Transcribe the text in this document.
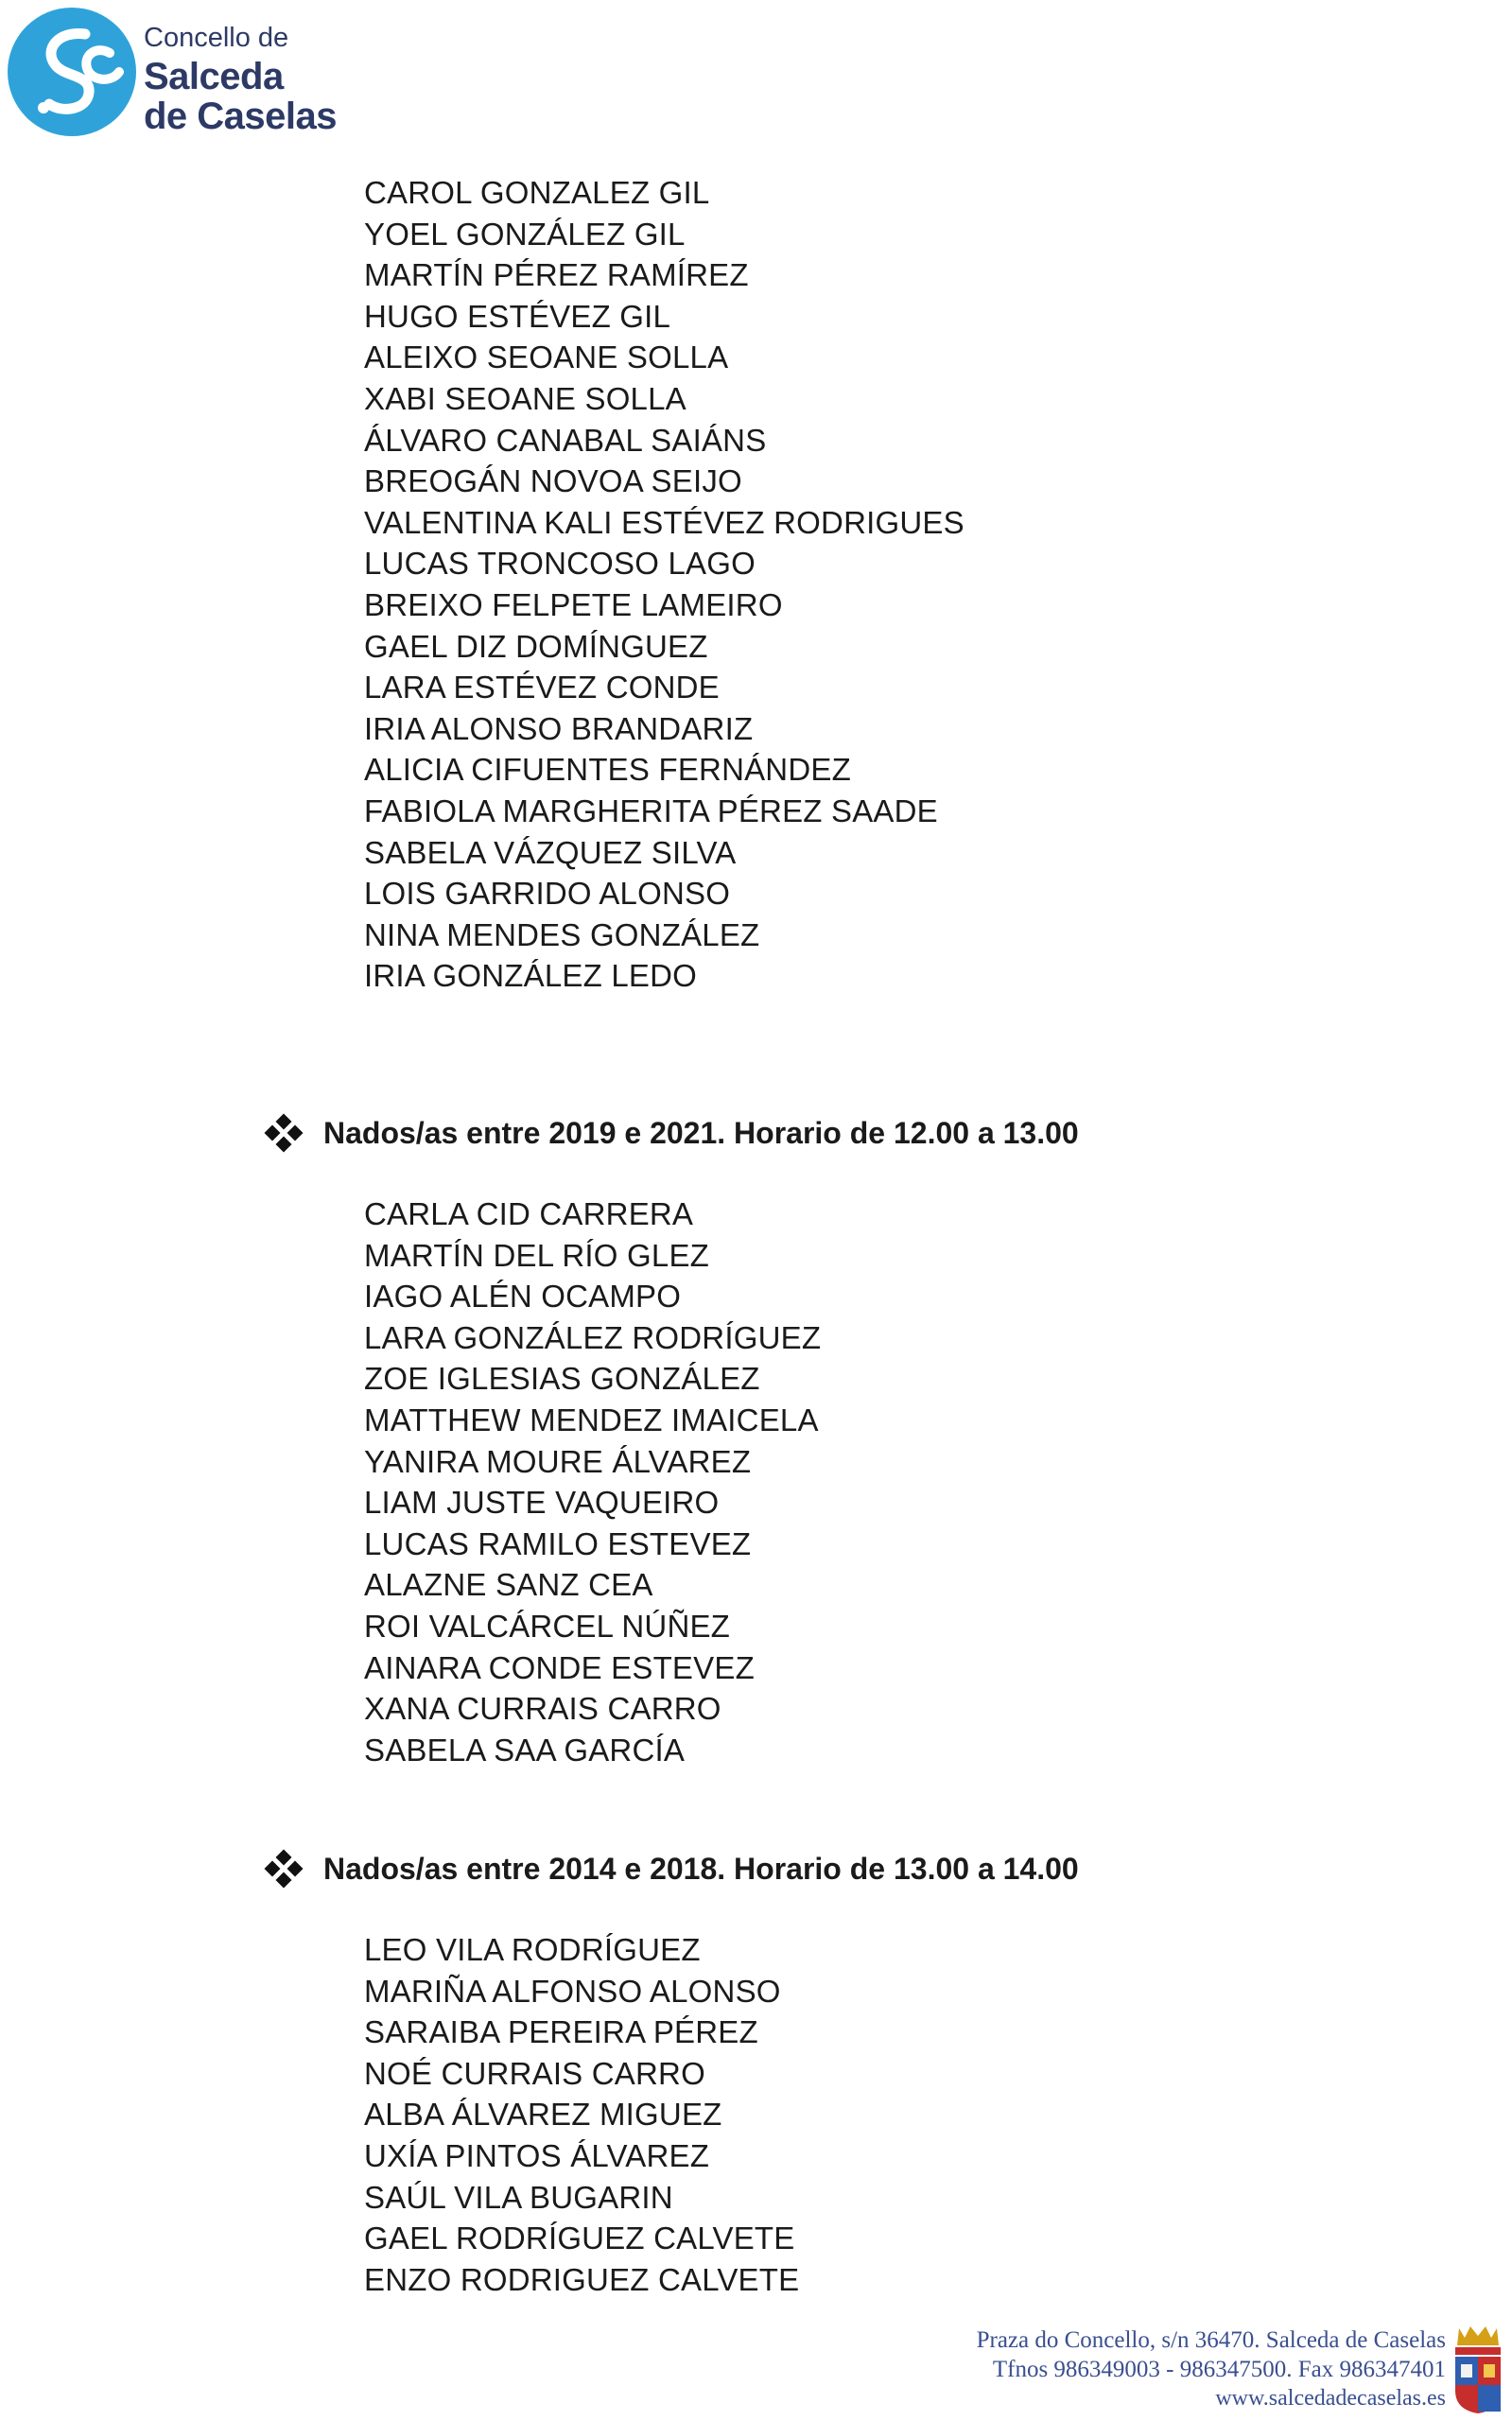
Concello de
Salceda
de Caselas
CAROL GONZALEZ GIL
YOEL GONZÁLEZ GIL
MARTÍN PÉREZ RAMÍREZ
HUGO ESTÉVEZ GIL
ALEIXO SEOANE SOLLA
XABI SEOANE SOLLA
ÁLVARO CANABAL SAIÁNS
BREOGÁN NOVOA SEIJO
VALENTINA KALI ESTÉVEZ RODRIGUES
LUCAS TRONCOSO LAGO
BREIXO FELPETE LAMEIRO
GAEL DIZ DOMÍNGUEZ
LARA ESTÉVEZ CONDE
IRIA ALONSO BRANDARIZ
ALICIA CIFUENTES FERNÁNDEZ
FABIOLA MARGHERITA PÉREZ SAADE
SABELA VÁZQUEZ SILVA
LOIS GARRIDO ALONSO
NINA MENDES GONZÁLEZ
IRIA GONZÁLEZ LEDO
Nados/as entre 2019 e 2021. Horario de 12.00 a 13.00
CARLA CID CARRERA
MARTÍN DEL RÍO GLEZ
IAGO ALÉN OCAMPO
LARA GONZÁLEZ RODRÍGUEZ
ZOE IGLESIAS GONZÁLEZ
MATTHEW MENDEZ IMAICELA
YANIRA MOURE ÁLVAREZ
LIAM JUSTE VAQUEIRO
LUCAS RAMILO ESTEVEZ
ALAZNE SANZ CEA
ROI VALCÁRCEL NÚÑEZ
AINARA CONDE ESTEVEZ
XANA CURRAIS CARRO
SABELA SAA GARCÍA
Nados/as entre 2014 e 2018. Horario de 13.00 a 14.00
LEO VILA RODRÍGUEZ
MARIÑA ALFONSO ALONSO
SARAIBA PEREIRA PÉREZ
NOÉ CURRAIS CARRO
ALBA ÁLVAREZ MIGUEZ
UXÍA PINTOS ÁLVAREZ
SAÚL VILA BUGARIN
GAEL RODRÍGUEZ CALVETE
ENZO RODRIGUEZ CALVETE
Praza do Concello, s/n 36470. Salceda de Caselas
Tfnos 986349003 - 986347500. Fax 986347401
www.salcedadecaselas.es
